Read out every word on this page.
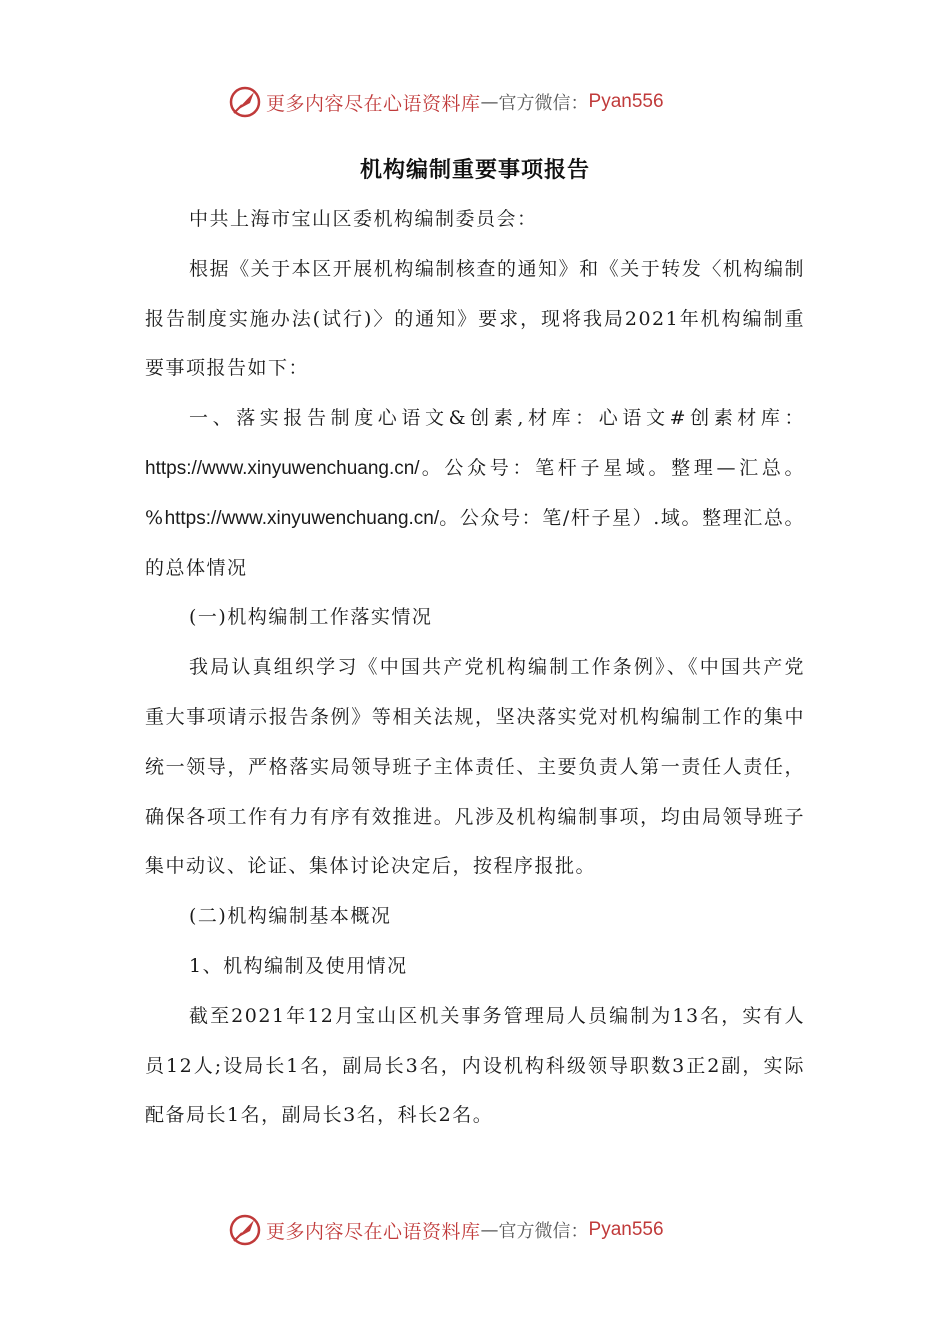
更多内容尽在心语资料库 — 官方微信： Pyan556
机构编制重要事项报告

中共上海市宝山区委机构编制委员会：

根据《关于本区开展机构编制核查的通知》和《关于转发〈机构编制报告制度实施办法(试行)〉的通知》要求，现将我局2021年机构编制重要事项报告如下：

一、落实报告制度心语文&创素,材库：心语文#创素材库：https://www.xinyuwenchuang.cn/。公众号：笔杆子星域。整理—汇总。%https://www.xinyuwenchuang.cn/。公众号：笔/杆子星）.域。整理汇总。的总体情况

(一)机构编制工作落实情况

我局认真组织学习《中国共产党机构编制工作条例》、《中国共产党重大事项请示报告条例》等相关法规，坚决落实党对机构编制工作的集中统一领导，严格落实局领导班子主体责任、主要负责人第一责任人责任，确保各项工作有力有序有效推进。凡涉及机构编制事项，均由局领导班子集中动议、论证、集体讨论决定后，按程序报批。

(二)机构编制基本概况

1、机构编制及使用情况

截至2021年12月宝山区机关事务管理局人员编制为13名，实有人员12人;设局长1名，副局长3名，内设机构科级领导职数3正2副，实际配备局长1名，副局长3名，科长2名。

更多内容尽在心语资料库 — 官方微信： Pyan556
